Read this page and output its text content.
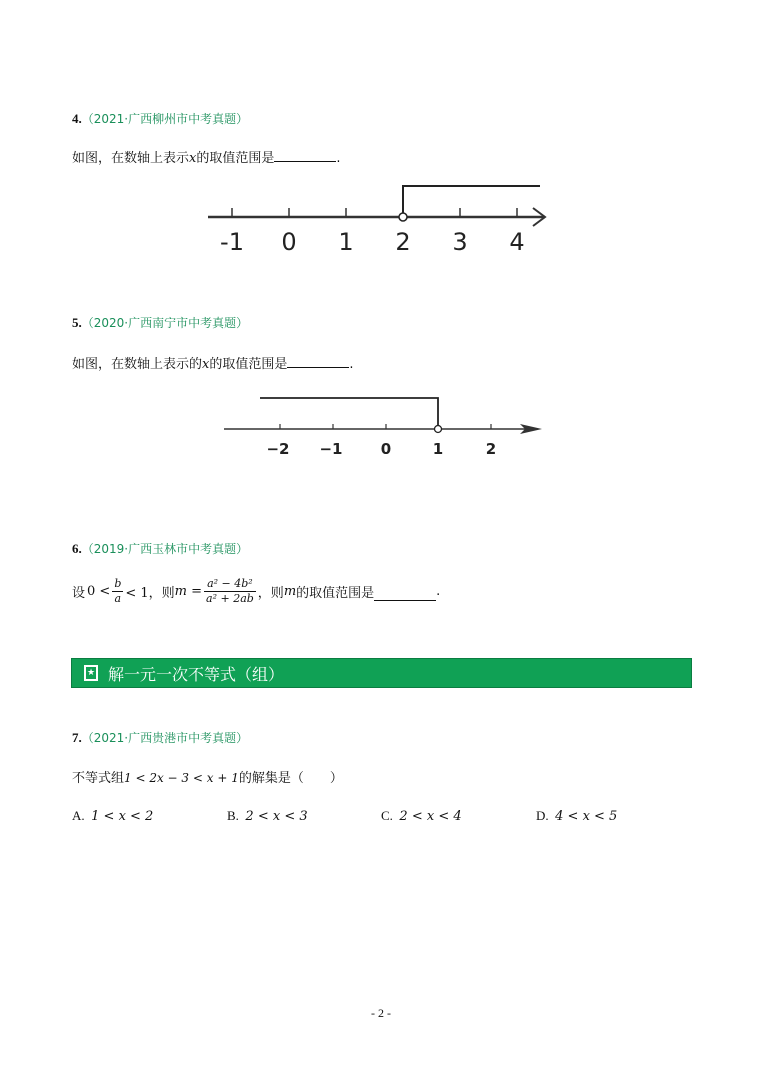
4.（2021·广西柳州市中考真题）
如图，在数轴上表示x的取值范围是	.
-1 0 1 2 3 4
5.（2020·广西南宁市中考真题）
如图，在数轴上表示的x的取值范围是	.
−2 −1	0	1	2
6.（2019·广西玉林市中考真题）
设 $0 < \frac{b}{a} < 1$，则 $m = \frac{\text{a² − 4b²}}{\text{a² + 2ab}}$ ，则 m 的取值范围是	.
★ 解一元一次不等式（组）
7.（2021·广西贵港市中考真题）
不等式组1 < 2x − 3 < x + 1的解集是（　　）
A. 1 < x < 2	B. 2 < x < 3	C. 2 < x < 4	D. 4 < x < 5
- 2 -
